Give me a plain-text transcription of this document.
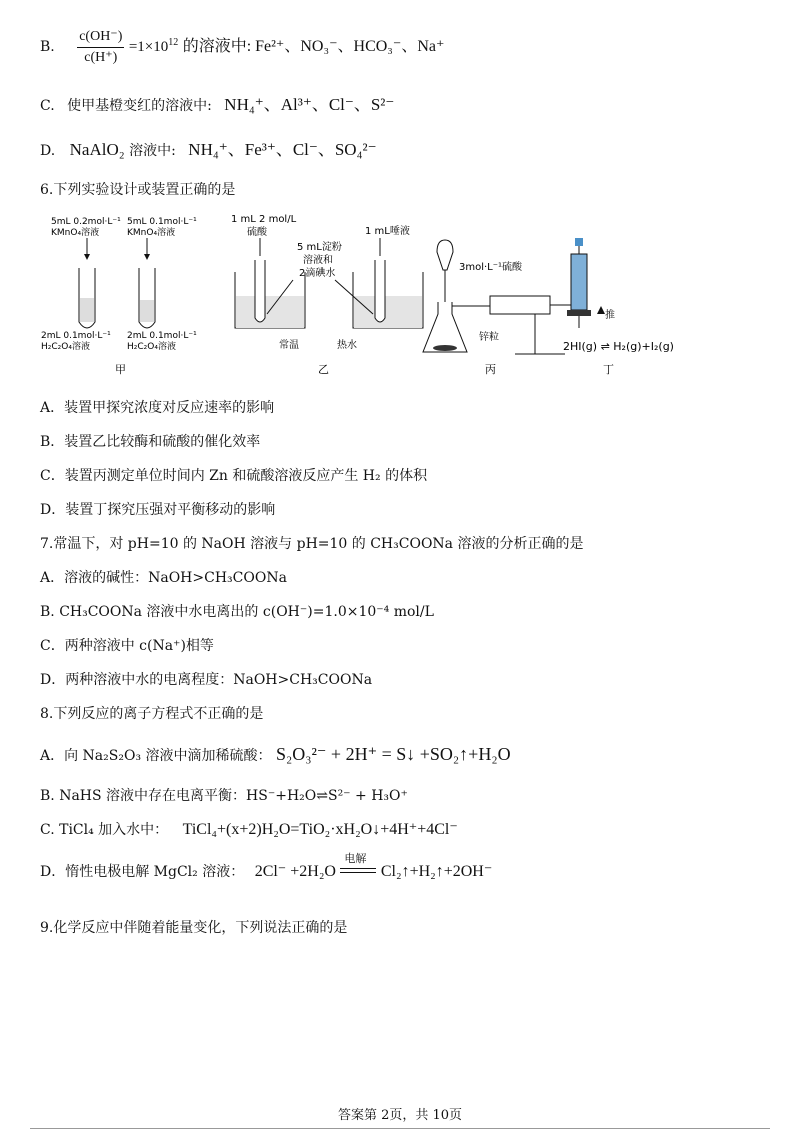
B. $\frac{c(OH^-)}{c(H^+)} =1\times 10^{12}$ 的溶液中: Fe²⁺、NO₃⁻、HCO₃⁻、Na⁺
C. 使甲基橙变红的溶液中: NH₄⁺、Al³⁺、Cl⁻、S²⁻
D. NaAlO₂ 溶液中: NH₄⁺、Fe³⁺、Cl⁻、SO₄²⁻
6.下列实验设计或装置正确的是
5mL 0.2mol·L⁻¹
KMnO₄溶液
5mL 0.1mol·L⁻¹
KMnO₄溶液
2mL 0.1mol·L⁻¹
H₂C₂O₄溶液
2mL 0.1mol·L⁻¹
H₂C₂O₄溶液
甲
1 mL 2 mol/L
硫酸	1 mL唾液
5 mL淀粉
溶液和
2滴碘水
常温	热水
乙
3mol·L⁻¹硫酸
锌粒
丙
推
2HI(g) ⇌ H₂(g)+I₂(g)
丁
A．装置甲探究浓度对反应速率的影响
B．装置乙比较酶和硫酸的催化效率
C．装置丙测定单位时间内 Zn 和硫酸溶液反应产生 H₂ 的体积
D．装置丁探究压强对平衡移动的影响
7.常温下，对 pH=10 的 NaOH 溶液与 pH=10 的 CH₃COONa 溶液的分析正确的是
A．溶液的碱性：NaOH>CH₃COONa
B. CH₃COONa 溶液中水电离出的 c(OH⁻)=1.0×10⁻⁴ mol/L
C．两种溶液中 c(Na⁺)相等
D．两种溶液中水的电离程度：NaOH>CH₃COONa
8.下列反应的离子方程式不正确的是
A．向 Na₂S₂O₃ 溶液中滴加稀硫酸： S₂O₃²⁻ + 2H⁺ = S↓ +SO₂↑+H₂O
B. NaHS 溶液中存在电离平衡：HS⁻+H₂O⇌S²⁻ + H₃O⁺
C. TiCl₄ 加入水中： TiCl₄+(x+2)H₂O=TiO₂·xH₂O↓+4H⁺+4Cl⁻
D．惰性电极电解 MgCl₂ 溶液： 2Cl⁻ +2H₂O
电解
Cl₂↑+H₂↑+2OH⁻
9.化学反应中伴随着能量变化，下列说法正确的是
答案第 2页，共 10页
